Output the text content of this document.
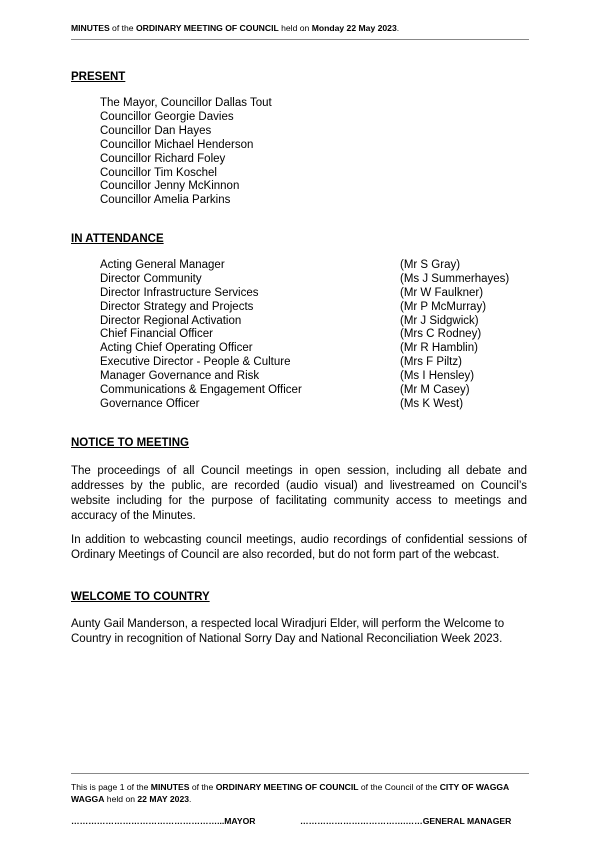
MINUTES of the ORDINARY MEETING OF COUNCIL held on Monday 22 May 2023.
PRESENT
The Mayor, Councillor Dallas Tout
Councillor Georgie Davies
Councillor Dan Hayes
Councillor Michael Henderson
Councillor Richard Foley
Councillor Tim Koschel
Councillor Jenny McKinnon
Councillor Amelia Parkins
IN ATTENDANCE
Acting General Manager	(Mr S Gray)
Director Community	(Ms J Summerhayes)
Director Infrastructure Services	(Mr W Faulkner)
Director Strategy and Projects	(Mr P McMurray)
Director Regional Activation	(Mr J Sidgwick)
Chief Financial Officer	(Mrs C Rodney)
Acting Chief Operating Officer	(Mr R Hamblin)
Executive Director - People & Culture	(Mrs F Piltz)
Manager Governance and Risk	(Ms I Hensley)
Communications & Engagement Officer	(Mr M Casey)
Governance Officer	(Ms K West)
NOTICE TO MEETING
The proceedings of all Council meetings in open session, including all debate and addresses by the public, are recorded (audio visual) and livestreamed on Council’s website including for the purpose of facilitating community access to meetings and accuracy of the Minutes.
In addition to webcasting council meetings, audio recordings of confidential sessions of Ordinary Meetings of Council are also recorded, but do not form part of the webcast.
WELCOME TO COUNTRY
Aunty Gail Manderson, a respected local Wiradjuri Elder, will perform the Welcome to Country in recognition of National Sorry Day and National Reconciliation Week 2023.
This is page 1 of the MINUTES of the ORDINARY MEETING OF COUNCIL of the Council of the CITY OF WAGGA WAGGA held on 22 MAY 2023.
……………………………………………...MAYOR	……………………………….……GENERAL MANAGER
